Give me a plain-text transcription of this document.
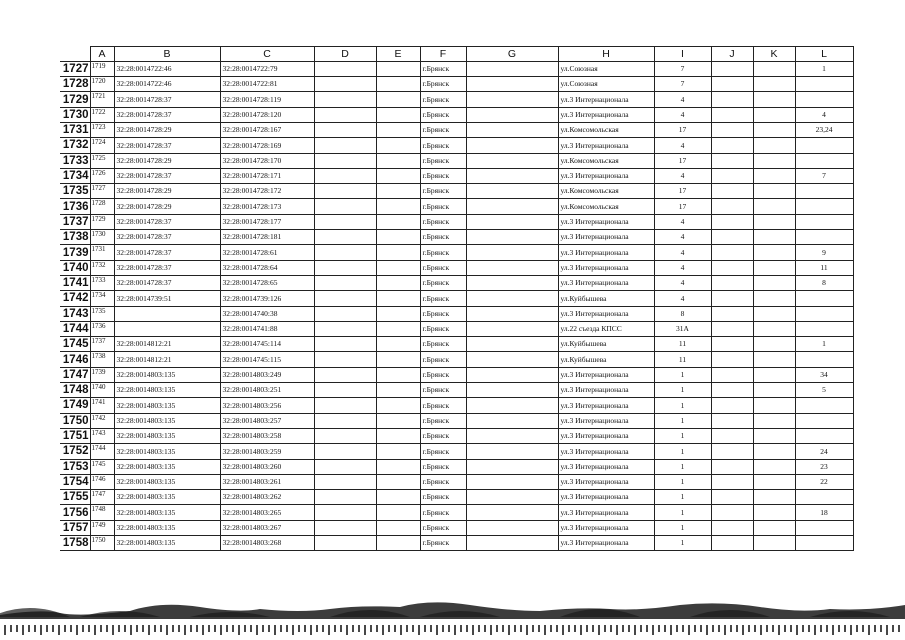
	A	B	C	D	E	F	G	H	I	J	K	L
1727	1719	32:28:0014722:46	32:28:0014722:79			г.Брянск		ул.Союзная	7			1
1728	1720	32:28:0014722:46	32:28:0014722:81			г.Брянск		ул.Союзная	7			
1729	1721	32:28:0014728:37	32:28:0014728:119			г.Брянск		ул.3 Интернационала	4			
1730	1722	32:28:0014728:37	32:28:0014728:120			г.Брянск		ул.3 Интернационала	4			4
1731	1723	32:28:0014728:29	32:28:0014728:167			г.Брянск		ул.Комсомольская	17			23,24
1732	1724	32:28:0014728:37	32:28:0014728:169			г.Брянск		ул.3 Интернационала	4			
1733	1725	32:28:0014728:29	32:28:0014728:170			г.Брянск		ул.Комсомольская	17			
1734	1726	32:28:0014728:37	32:28:0014728:171			г.Брянск		ул.3 Интернационала	4			7
1735	1727	32:28:0014728:29	32:28:0014728:172			г.Брянск		ул.Комсомольская	17			
1736	1728	32:28:0014728:29	32:28:0014728:173			г.Брянск		ул.Комсомольская	17			
1737	1729	32:28:0014728:37	32:28:0014728:177			г.Брянск		ул.3 Интернационала	4			
1738	1730	32:28:0014728:37	32:28:0014728:181			г.Брянск		ул.3 Интернационала	4			
1739	1731	32:28:0014728:37	32:28:0014728:61			г.Брянск		ул.3 Интернационала	4			9
1740	1732	32:28:0014728:37	32:28:0014728:64			г.Брянск		ул.3 Интернационала	4			11
1741	1733	32:28:0014728:37	32:28:0014728:65			г.Брянск		ул.3 Интернационала	4			8
1742	1734	32:28:0014739:51	32:28:0014739:126			г.Брянск		ул.Куйбышева	4			
1743	1735		32:28:0014740:38			г.Брянск		ул.3 Интернационала	8			
1744	1736		32:28:0014741:88			г.Брянск		ул.22 съезда КПСС	31А			
1745	1737	32:28:0014812:21	32:28:0014745:114			г.Брянск		ул.Куйбышева	11			1
1746	1738	32:28:0014812:21	32:28:0014745:115			г.Брянск		ул.Куйбышева	11			
1747	1739	32:28:0014803:135	32:28:0014803:249			г.Брянск		ул.3 Интернационала	1			34
1748	1740	32:28:0014803:135	32:28:0014803:251			г.Брянск		ул.3 Интернационала	1			5
1749	1741	32:28:0014803:135	32:28:0014803:256			г.Брянск		ул.3 Интернационала	1			
1750	1742	32:28:0014803:135	32:28:0014803:257			г.Брянск		ул.3 Интернационала	1			
1751	1743	32:28:0014803:135	32:28:0014803:258			г.Брянск		ул.3 Интернационала	1			
1752	1744	32:28:0014803:135	32:28:0014803:259			г.Брянск		ул.3 Интернационала	1			24
1753	1745	32:28:0014803:135	32:28:0014803:260			г.Брянск		ул.3 Интернационала	1			23
1754	1746	32:28:0014803:135	32:28:0014803:261			г.Брянск		ул.3 Интернационала	1			22
1755	1747	32:28:0014803:135	32:28:0014803:262			г.Брянск		ул.3 Интернационала	1			
1756	1748	32:28:0014803:135	32:28:0014803:265			г.Брянск		ул.3 Интернационала	1			18
1757	1749	32:28:0014803:135	32:28:0014803:267			г.Брянск		ул.3 Интернационала	1			
1758	1750	32:28:0014803:135	32:28:0014803:268			г.Брянск		ул.3 Интернационала	1			
